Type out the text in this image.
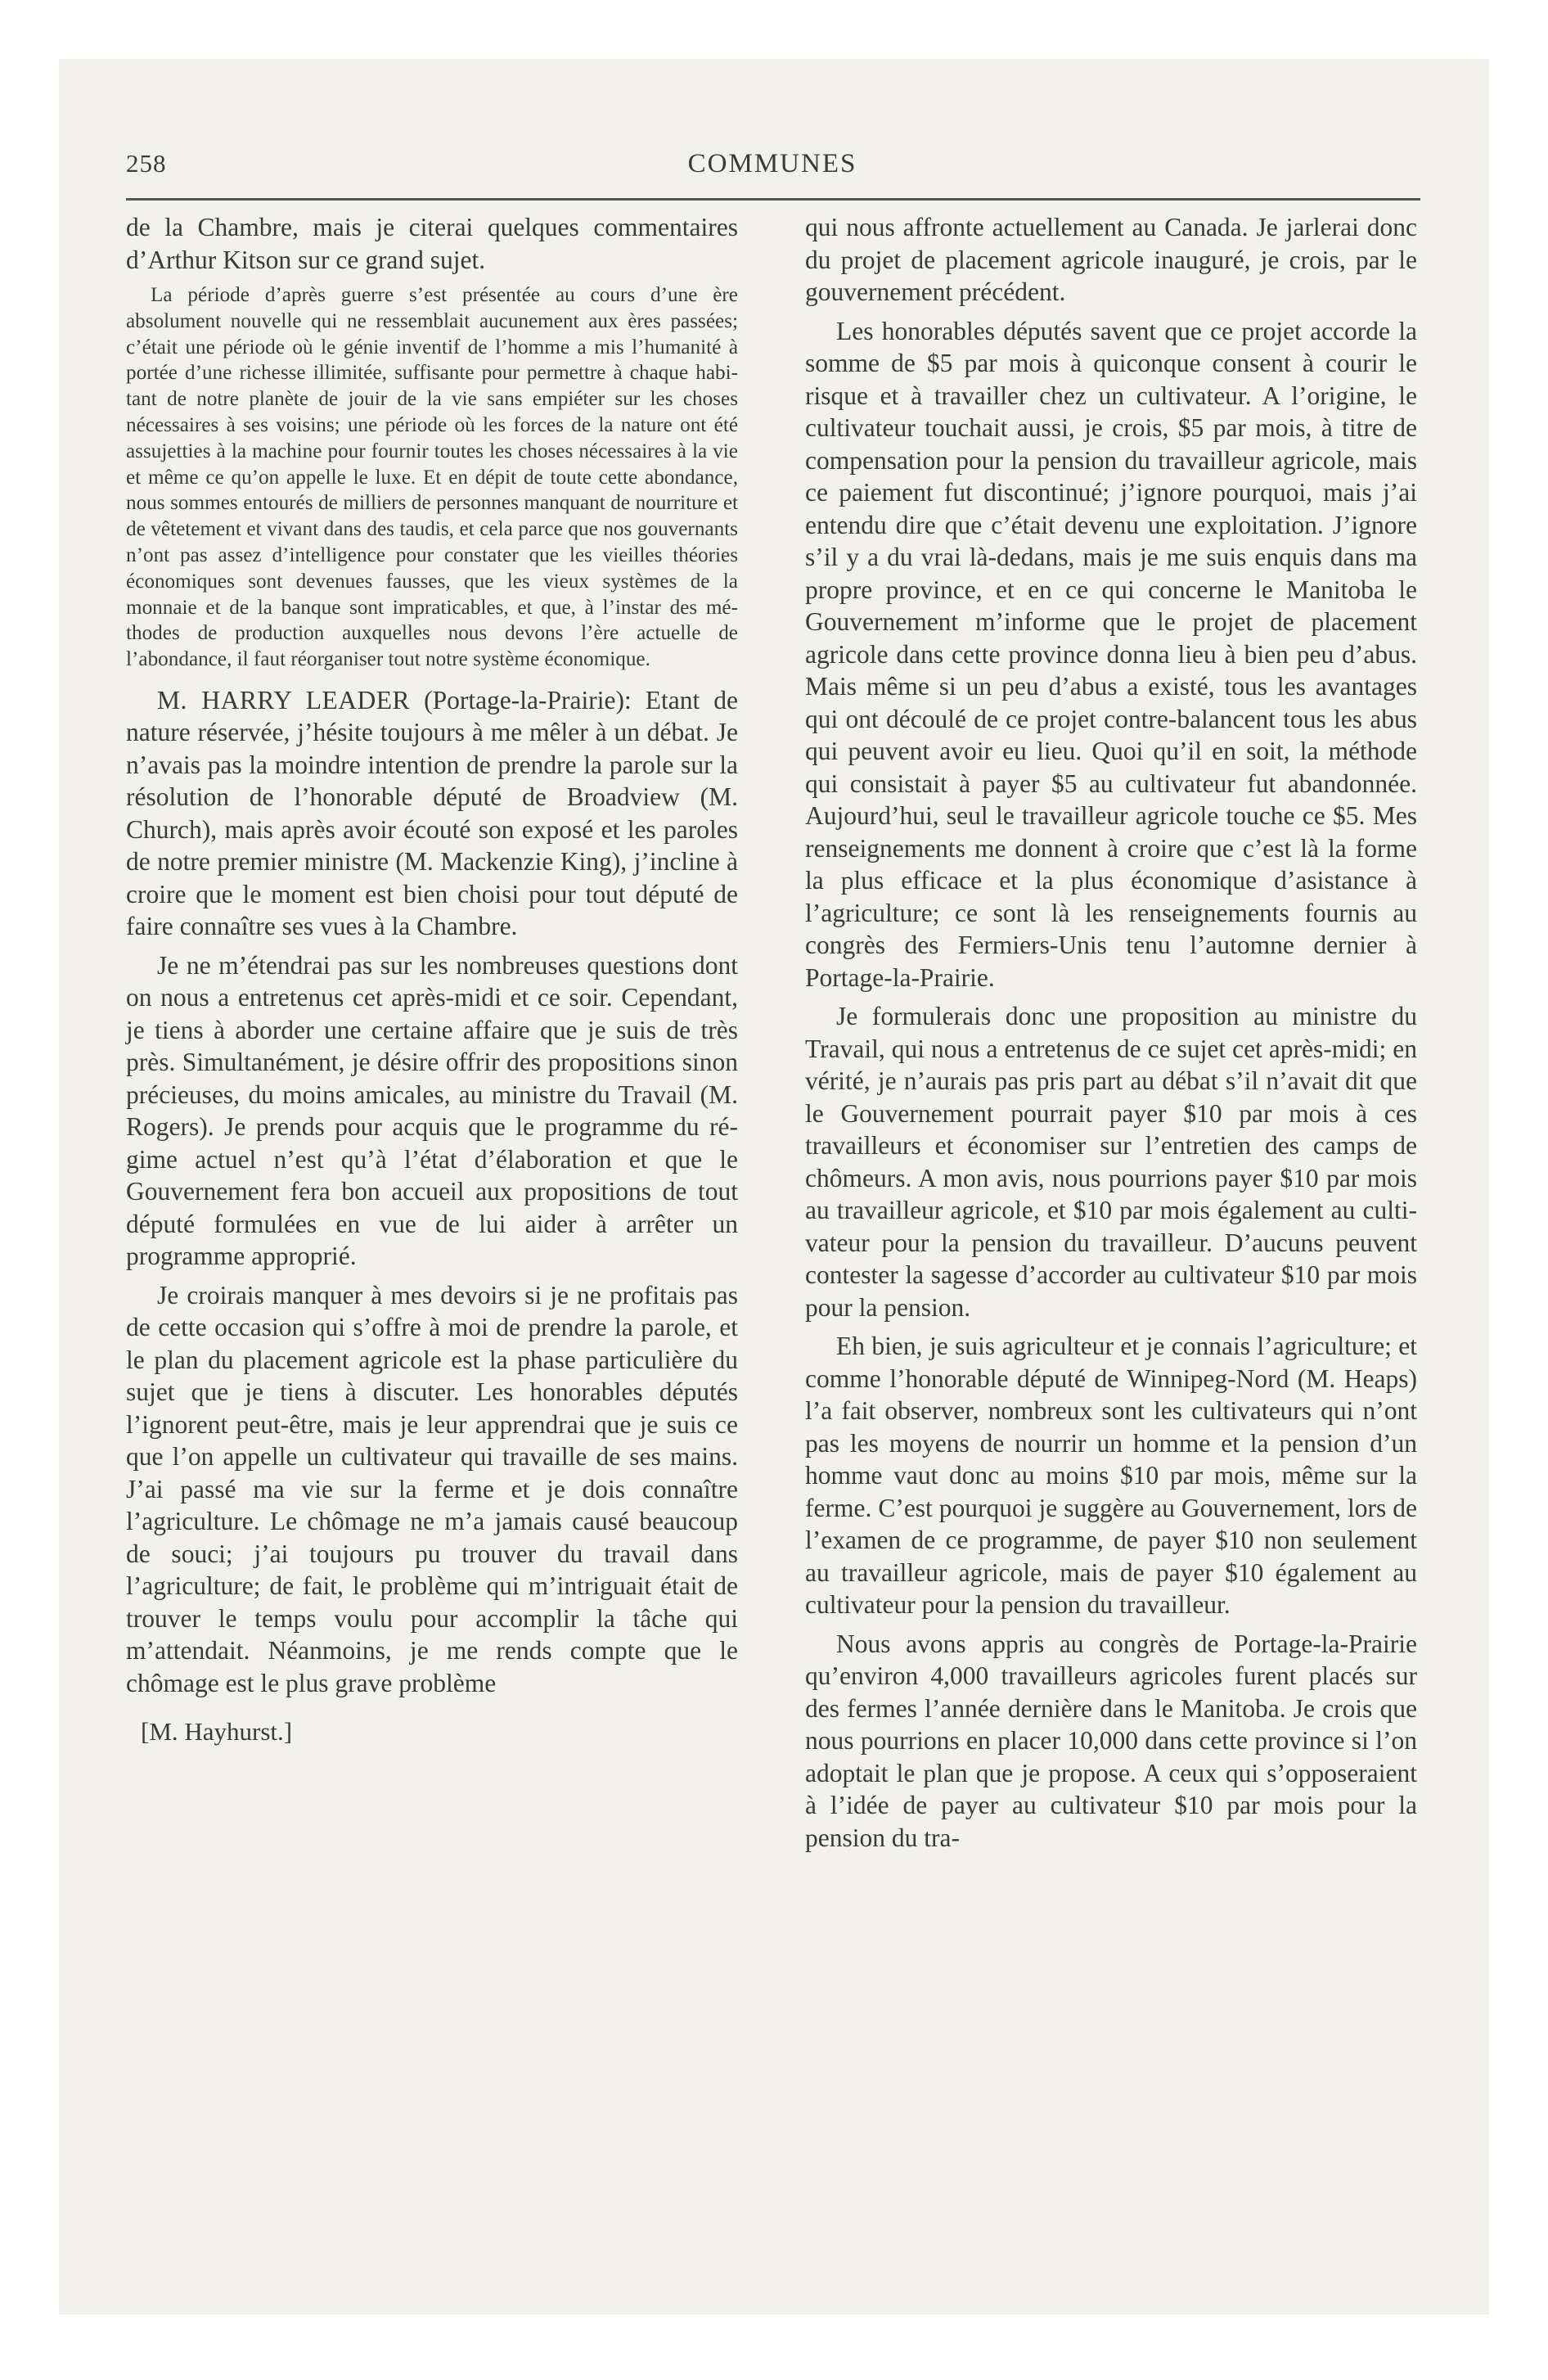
258	COMMUNES

de la Chambre, mais je citerai quelques commentaires d’Arthur Kitson sur ce grand sujet.

La période d’après guerre s’est présentée au cours d’une ère absolument nouvelle qui ne ressemblait aucunement aux ères passées; c’était une période où le génie inventif de l’homme a mis l’humanité à portée d’une richesse illimitée, suffisante pour permettre à chaque habitant de notre planète de jouir de la vie sans empiéter sur les choses nécessaires à ses voisins; une période où les forces de la nature ont été assujetties à la machine pour fournir toutes les choses nécessaires à la vie et même ce qu’on appelle le luxe. Et en dépit de toute cette abondance, nous sommes entourés de milliers de personnes manquant de nourriture et de vêtetement et vivant dans des taudis, et cela parce que nos gouvernants n’ont pas assez d’intelligence pour constater que les vieilles théories économiques sont devenues fausses, que les vieux systèmes de la monnaie et de la banque sont impraticables, et que, à l’instar des méthodes de production auxquelles nous devons l’ère actuelle de l’abondance, il faut réorganiser tout notre système économique.

M. HARRY LEADER (Portage-la-Prairie): Etant de nature réservée, j’hésite toujours à me mêler à un débat. Je n’avais pas la moindre intention de prendre la parole sur la résolution de l’honorable député de Broadview (M. Church), mais après avoir écouté son exposé et les paroles de notre premier ministre (M. Mackenzie King), j’incline à croire que le moment est bien choisi pour tout député de faire connaître ses vues à la Chambre.

Je ne m’étendrai pas sur les nombreuses questions dont on nous a entretenus cet après-midi et ce soir. Cependant, je tiens à aborder une certaine affaire que je suis de très près. Simultanément, je désire offrir des propositions sinon précieuses, du moins amicales, au ministre du Travail (M. Rogers). Je prends pour acquis que le programme du régime actuel n’est qu’à l’état d’élaboration et que le Gouvernement fera bon accueil aux propositions de tout député formulées en vue de lui aider à arrêter un programme approprié.

Je croirais manquer à mes devoirs si je ne profitais pas de cette occasion qui s’offre à moi de prendre la parole, et le plan du placement agricole est la phase particulière du sujet que je tiens à discuter. Les honorables députés l’ignorent peut-être, mais je leur apprendrai que je suis ce que l’on appelle un cultivateur qui travaille de ses mains. J’ai passé ma vie sur la ferme et je dois connaître l’agriculture. Le chômage ne m’a jamais causé beaucoup de souci; j’ai toujours pu trouver du travail dans l’agriculture; de fait, le problème qui m’intriguait était de trouver le temps voulu pour accomplir la tâche qui m’attendait. Néanmoins, je me rends compte que le chômage est le plus grave problème

[M. Hayhurst.]

qui nous affronte actuellement au Canada. Je jarlerai donc du projet de placement agricole inauguré, je crois, par le gouvernement précédent.

Les honorables députés savent que ce projet accorde la somme de $5 par mois à quiconque consent à courir le risque et à travailler chez un cultivateur. A l’origine, le cultivateur touchait aussi, je crois, $5 par mois, à titre de compensation pour la pension du travailleur agricole, mais ce paiement fut discontinué; j’ignore pourquoi, mais j’ai entendu dire que c’était devenu une exploitation. J’ignore s’il y a du vrai là-dedans, mais je me suis enquis dans ma propre province, et en ce qui concerne le Manitoba le Gouvernement m’informe que le projet de placement agricole dans cette province donna lieu à bien peu d’abus. Mais même si un peu d’abus a existé, tous les avantages qui ont découlé de ce projet contre-balancent tous les abus qui peuvent avoir eu lieu. Quoi qu’il en soit, la méthode qui consistait à payer $5 au cultivateur fut abandonnée. Aujourd’hui, seul le travailleur agricole touche ce $5. Mes renseignements me donnent à croire que c’est là la forme la plus efficace et la plus économique d’asistance à l’agriculture; ce sont là les renseignements fournis au congrès des Fermiers-Unis tenu l’automne dernier à Portage-la-Prairie.

Je formulerais donc une proposition au ministre du Travail, qui nous a entretenus de ce sujet cet après-midi; en vérité, je n’aurais pas pris part au débat s’il n’avait dit que le Gouvernement pourrait payer $10 par mois à ces travailleurs et économiser sur l’entretien des camps de chômeurs. A mon avis, nous pourrions payer $10 par mois au travailleur agricole, et $10 par mois également au cultivateur pour la pension du travailleur. D’aucuns peuvent contester la sagesse d’accorder au cultivateur $10 par mois pour la pension.

Eh bien, je suis agriculteur et je connais l’agriculture; et comme l’honorable député de Winnipeg-Nord (M. Heaps) l’a fait observer, nombreux sont les cultivateurs qui n’ont pas les moyens de nourrir un homme et la pension d’un homme vaut donc au moins $10 par mois, même sur la ferme. C’est pourquoi je suggère au Gouvernement, lors de l’examen de ce programme, de payer $10 non seulement au travailleur agricole, mais de payer $10 également au cultivateur pour la pension du travailleur.

Nous avons appris au congrès de Portage-la-Prairie qu’environ 4,000 travailleurs agricoles furent placés sur des fermes l’année dernière dans le Manitoba. Je crois que nous pourrions en placer 10,000 dans cette province si l’on adoptait le plan que je propose. A ceux qui s’opposeraient à l’idée de payer au cultivateur $10 par mois pour la pension du tra-
